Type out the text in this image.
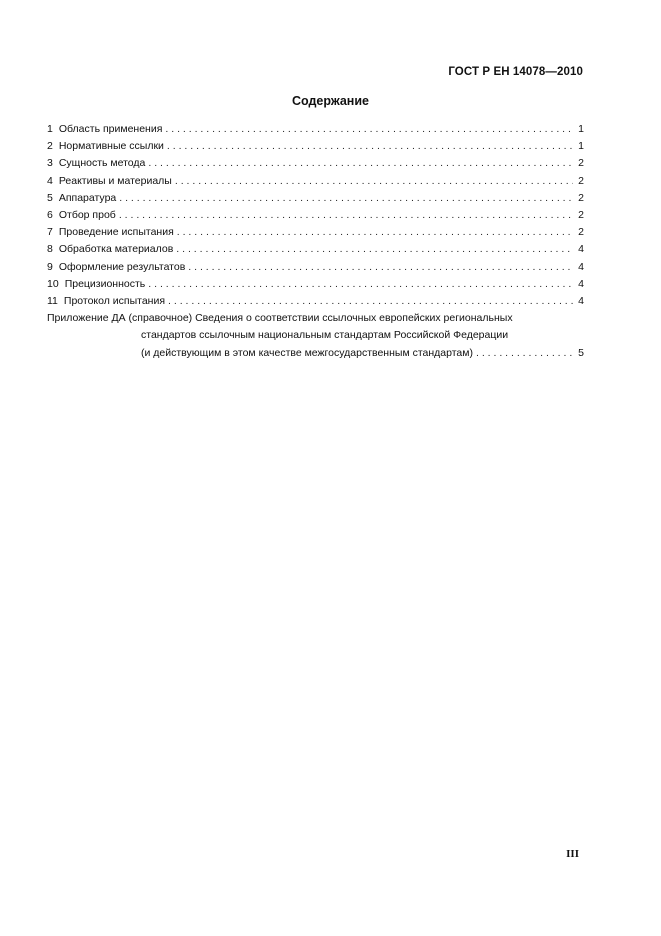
ГОСТ Р ЕН 14078—2010
Содержание
1 Область применения . . .	1
2 Нормативные ссылки . . .	1
3 Сущность метода . . .	2
4 Реактивы и материалы . . .	2
5 Аппаратура . . .	2
6 Отбор проб . . .	2
7 Проведение испытания . . .	2
8 Обработка материалов . . .	4
9 Оформление результатов . . .	4
10 Прецизионность . . .	4
11 Протокол испытания . . .	4
Приложение ДА (справочное) Сведения о соответствии ссылочных европейских региональных
стандартов ссылочным национальным стандартам Российской Федерации
(и действующим в этом качестве межгосударственным стандартам) . . .	5
III
